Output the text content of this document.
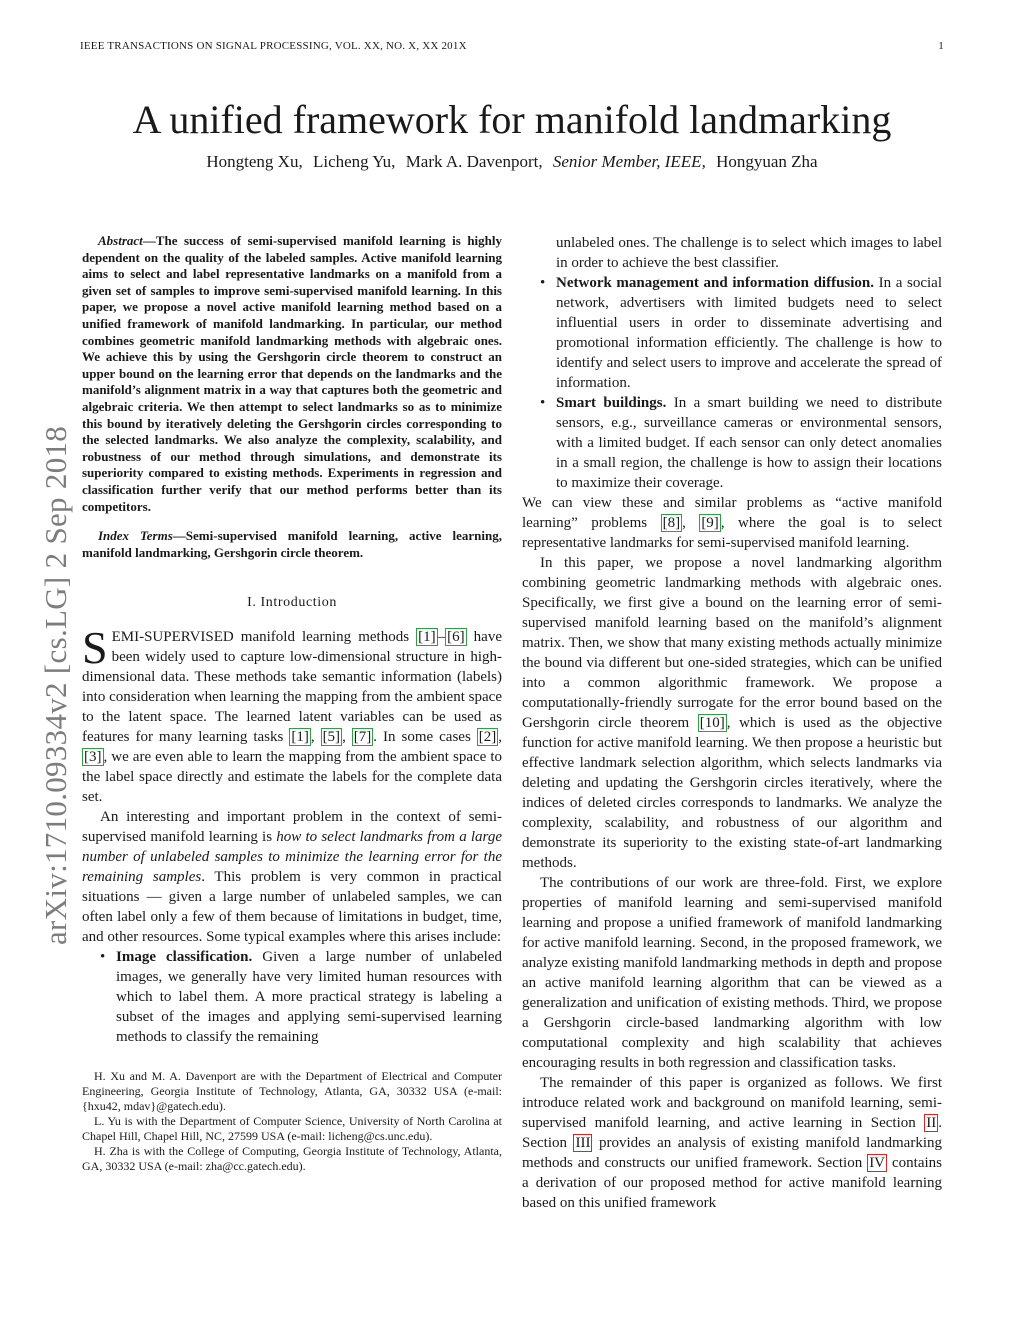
IEEE TRANSACTIONS ON SIGNAL PROCESSING, VOL. XX, NO. X, XX 201X	1
arXiv:1710.09334v2 [cs.LG] 2 Sep 2018
A unified framework for manifold landmarking
Hongteng Xu, Licheng Yu, Mark A. Davenport, Senior Member, IEEE, Hongyuan Zha

Abstract—The success of semi-supervised manifold learning is highly dependent on the quality of the labeled samples. Active manifold learning aims to select and label representative landmarks on a manifold from a given set of samples to improve semi-supervised manifold learning. In this paper, we propose a novel active manifold learning method based on a unified framework of manifold landmarking. In particular, our method combines geometric manifold landmarking methods with algebraic ones. We achieve this by using the Gershgorin circle theorem to construct an upper bound on the learning error that depends on the landmarks and the manifold’s alignment matrix in a way that captures both the geometric and algebraic criteria. We then attempt to select landmarks so as to minimize this bound by iteratively deleting the Gershgorin circles corresponding to the selected landmarks. We also analyze the complexity, scalability, and robustness of our method through simulations, and demonstrate its superiority compared to existing methods. Experiments in regression and classification further verify that our method performs better than its competitors.

Index Terms—Semi-supervised manifold learning, active learning, manifold landmarking, Gershgorin circle theorem.

I. Introduction

SEMI-SUPERVISED manifold learning methods [1] – [6] have been widely used to capture low-dimensional structure in high-dimensional data. These methods take semantic information (labels) into consideration when learning the mapping from the ambient space to the latent space. The learned latent variables can be used as features for many learning tasks [1] , [5] , [7] . In some cases [2] , [3] , we are even able to learn the mapping from the ambient space to the label space directly and estimate the labels for the complete data set.

An interesting and important problem in the context of semi-supervised manifold learning is how to select landmarks from a large number of unlabeled samples to minimize the learning error for the remaining samples. This problem is very common in practical situations — given a large number of unlabeled samples, we can often label only a few of them because of limitations in budget, time, and other resources. Some typical examples where this arises include:

• Image classification. Given a large number of unlabeled images, we generally have very limited human resources with which to label them. A more practical strategy is labeling a subset of the images and applying semi-supervised learning methods to classify the remaining

H. Xu and M. A. Davenport are with the Department of Electrical and Computer Engineering, Georgia Institute of Technology, Atlanta, GA, 30332 USA (e-mail: {hxu42, mdav}@gatech.edu).

L. Yu is with the Department of Computer Science, University of North Carolina at Chapel Hill, Chapel Hill, NC, 27599 USA (e-mail: licheng@cs.unc.edu).

H. Zha is with the College of Computing, Georgia Institute of Technology, Atlanta, GA, 30332 USA (e-mail: zha@cc.gatech.edu).

unlabeled ones. The challenge is to select which images to label in order to achieve the best classifier.
• Network management and information diffusion. In a social network, advertisers with limited budgets need to select influential users in order to disseminate advertising and promotional information efficiently. The challenge is how to identify and select users to improve and accelerate the spread of information.
• Smart buildings. In a smart building we need to distribute sensors, e.g., surveillance cameras or environmental sensors, with a limited budget. If each sensor can only detect anomalies in a small region, the challenge is how to assign their locations to maximize their coverage.

We can view these and similar problems as “active manifold learning” problems [8] , [9] , where the goal is to select representative landmarks for semi-supervised manifold learning.

In this paper, we propose a novel landmarking algorithm combining geometric landmarking methods with algebraic ones. Specifically, we first give a bound on the learning error of semi-supervised manifold learning based on the manifold’s alignment matrix. Then, we show that many existing methods actually minimize the bound via different but one-sided strategies, which can be unified into a common algorithmic framework. We propose a computationally-friendly surrogate for the error bound based on the Gershgorin circle theorem [10] , which is used as the objective function for active manifold learning. We then propose a heuristic but effective landmark selection algorithm, which selects landmarks via deleting and updating the Gershgorin circles iteratively, where the indices of deleted circles corresponds to landmarks. We analyze the complexity, scalability, and robustness of our algorithm and demonstrate its superiority to the existing state-of-art landmarking methods.

The contributions of our work are three-fold. First, we explore properties of manifold learning and semi-supervised manifold learning and propose a unified framework of manifold landmarking for active manifold learning. Second, in the proposed framework, we analyze existing manifold landmarking methods in depth and propose an active manifold learning algorithm that can be viewed as a generalization and unification of existing methods. Third, we propose a Gershgorin circle-based landmarking algorithm with low computational complexity and high scalability that achieves encouraging results in both regression and classification tasks.

The remainder of this paper is organized as follows. We first introduce related work and background on manifold learning, semi-supervised manifold learning, and active learning in Section II . Section III provides an analysis of existing manifold landmarking methods and constructs our unified framework. Section IV contains a derivation of our proposed method for active manifold learning based on this unified framework
